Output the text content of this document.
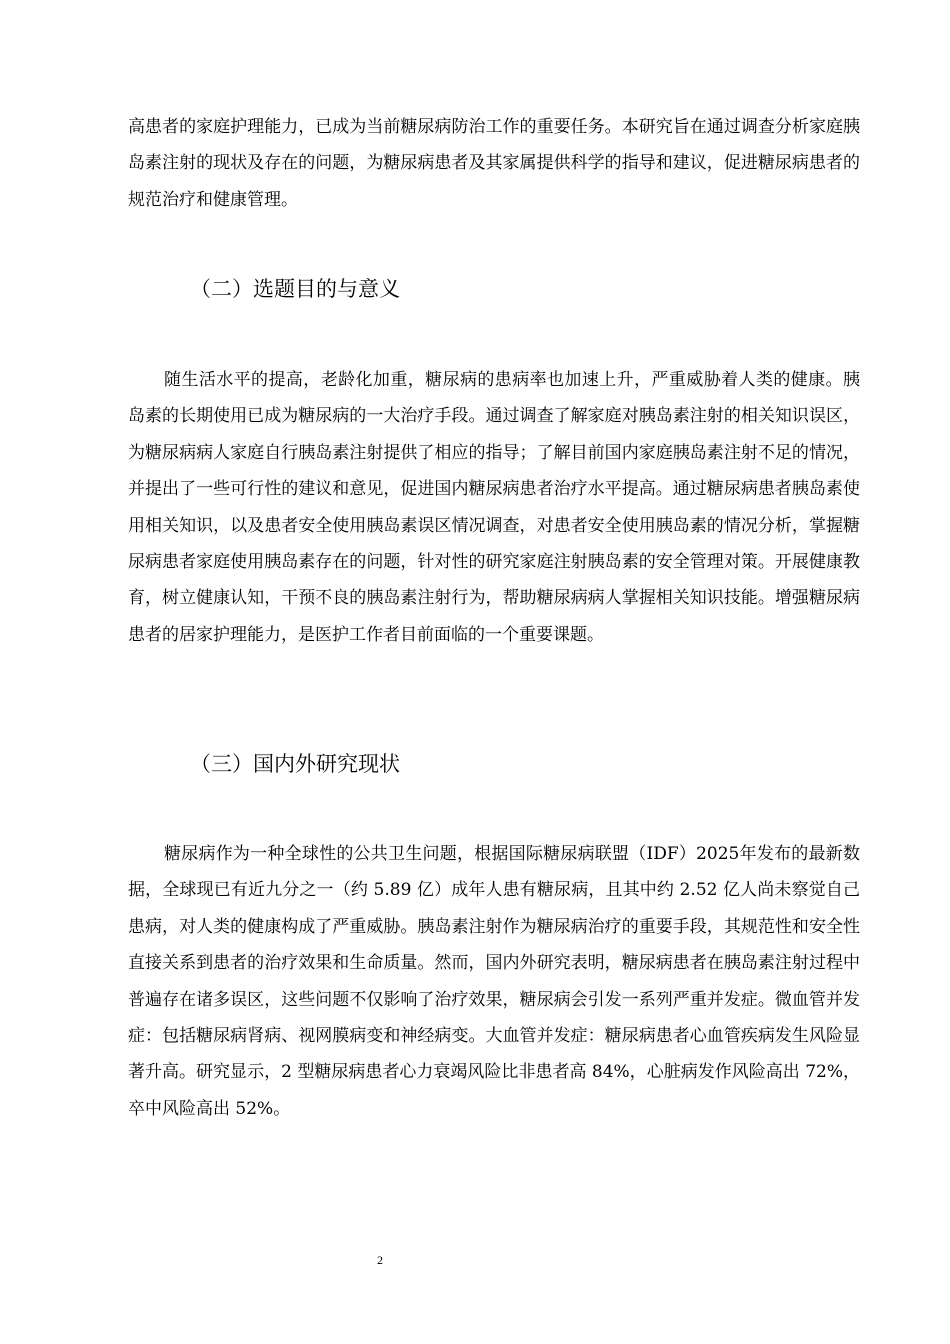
高患者的家庭护理能力，已成为当前糖尿病防治工作的重要任务。本研究旨在通过调查分析家庭胰岛素注射的现状及存在的问题，为糖尿病患者及其家属提供科学的指导和建议，促进糖尿病患者的规范治疗和健康管理。

（二）选题目的与意义

随生活水平的提高，老龄化加重，糖尿病的患病率也加速上升，严重威胁着人类的健康。胰岛素的长期使用已成为糖尿病的一大治疗手段。通过调查了解家庭对胰岛素注射的相关知识误区，为糖尿病病人家庭自行胰岛素注射提供了相应的指导；了解目前国内家庭胰岛素注射不足的情况，并提出了一些可行性的建议和意见，促进国内糖尿病患者治疗水平提高。通过糖尿病患者胰岛素使用相关知识，以及患者安全使用胰岛素误区情况调查，对患者安全使用胰岛素的情况分析，掌握糖尿病患者家庭使用胰岛素存在的问题，针对性的研究家庭注射胰岛素的安全管理对策。开展健康教育，树立健康认知，干预不良的胰岛素注射行为，帮助糖尿病病人掌握相关知识技能。增强糖尿病患者的居家护理能力，是医护工作者目前面临的一个重要课题。

（三）国内外研究现状

糖尿病作为一种全球性的公共卫生问题，根据国际糖尿病联盟（IDF）2025年发布的最新数据，全球现已有近九分之一（约 5.89 亿）成年人患有糖尿病，且其中约 2.52 亿人尚未察觉自己患病，对人类的健康构成了严重威胁。胰岛素注射作为糖尿病治疗的重要手段，其规范性和安全性直接关系到患者的治疗效果和生命质量。然而，国内外研究表明，糖尿病患者在胰岛素注射过程中普遍存在诸多误区，这些问题不仅影响了治疗效果，糖尿病会引发一系列严重并发症。微血管并发症：包括糖尿病肾病、视网膜病变和神经病变。大血管并发症：糖尿病患者心血管疾病发生风险显著升高。研究显示，2 型糖尿病患者心力衰竭风险比非患者高 84%，心脏病发作风险高出 72%，卒中风险高出 52%。

2
